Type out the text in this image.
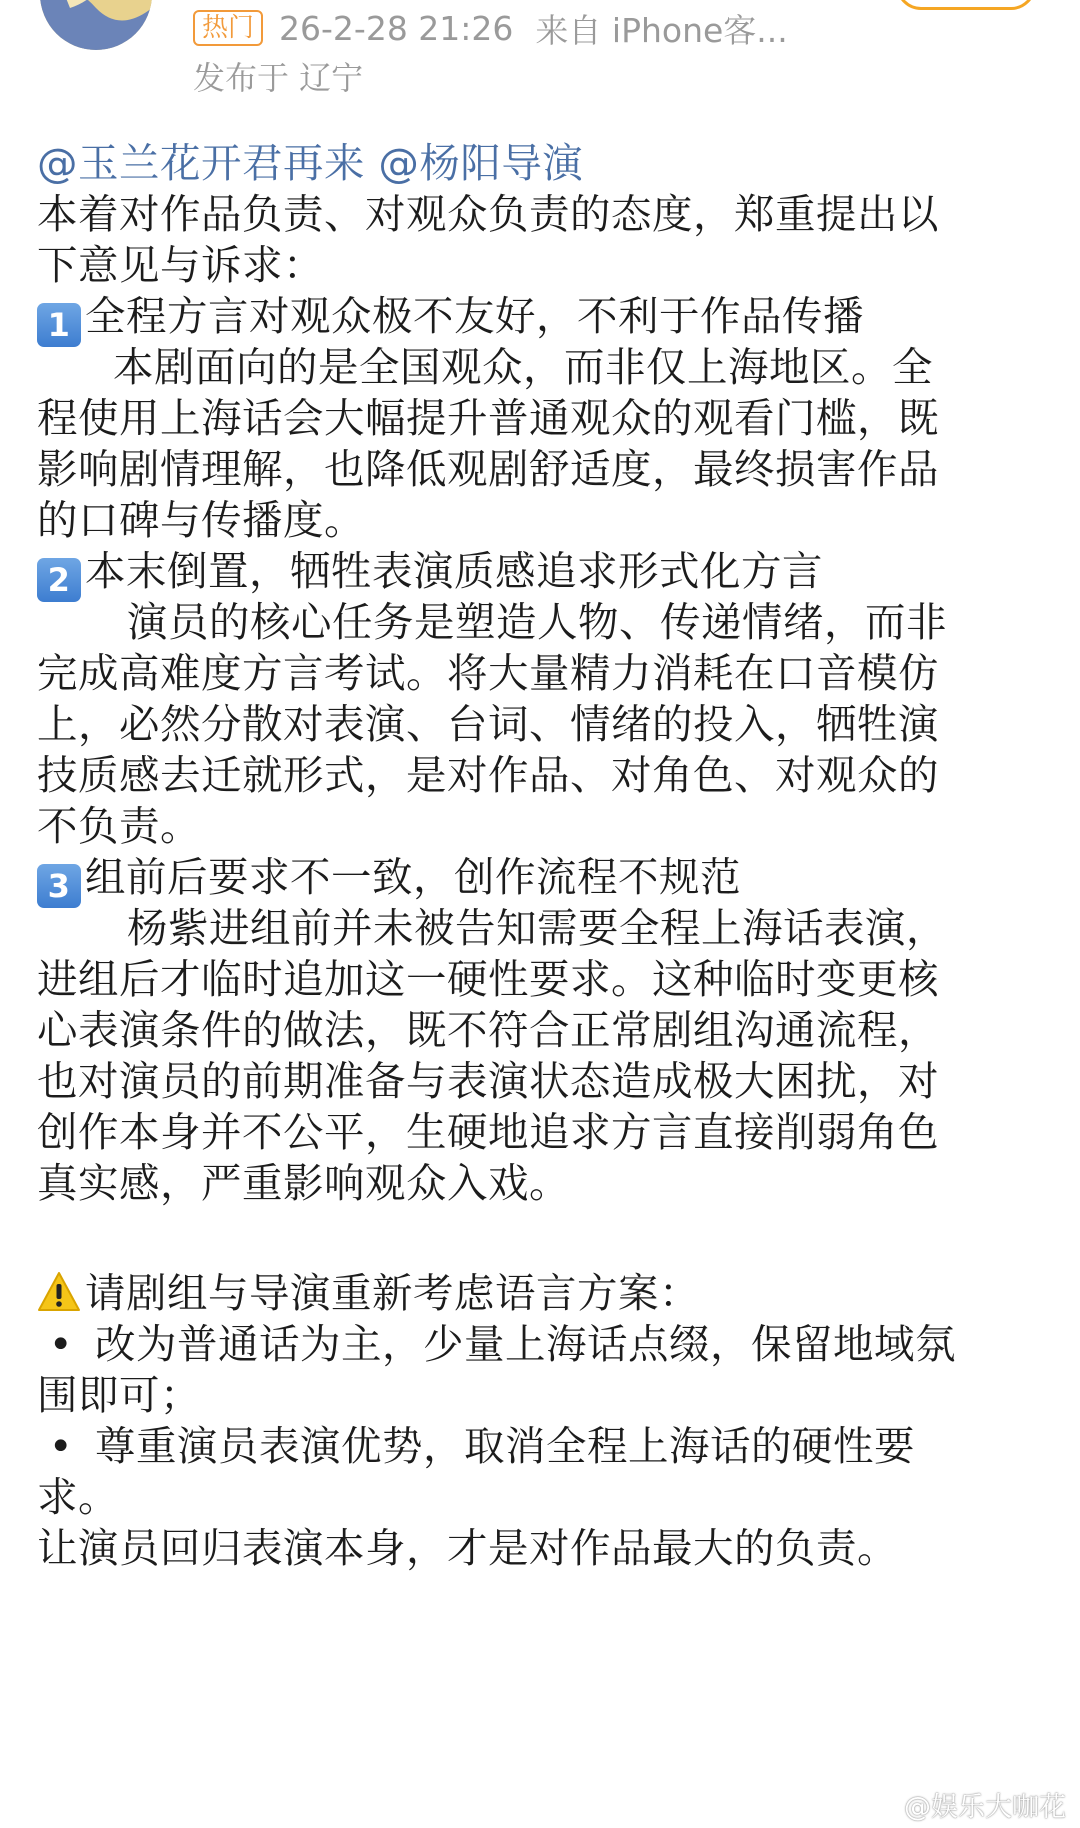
热门 26-2-28 21:26 来自 iPhone客...
发布于 辽宁
@玉兰花开君再来 @杨阳导演
本着对作品负责、对观众负责的态度，郑重提出以
下意见与诉求：
1 全程方言对观众极不友好，不利于作品传播
本剧面向的是全国观众，而非仅上海地区。全
程使用上海话会大幅提升普通观众的观看门槛，既
影响剧情理解，也降低观剧舒适度，最终损害作品
的口碑与传播度。
2 本末倒置，牺牲表演质感追求形式化方言
演员的核心任务是塑造人物、传递情绪，而非
完成高难度方言考试。将大量精力消耗在口音模仿
上，必然分散对表演、台词、情绪的投入，牺牲演
技质感去迁就形式，是对作品、对角色、对观众的
不负责。
3 组前后要求不一致，创作流程不规范
杨紫进组前并未被告知需要全程上海话表演，
进组后才临时追加这一硬性要求。这种临时变更核
心表演条件的做法，既不符合正常剧组沟通流程，
也对演员的前期准备与表演状态造成极大困扰，对
创作本身并不公平，生硬地追求方言直接削弱角色
真实感，严重影响观众入戏。
请剧组与导演重新考虑语言方案：
• 改为普通话为主，少量上海话点缀，保留地域氛
围即可；
• 尊重演员表演优势，取消全程上海话的硬性要
求。
让演员回归表演本身，才是对作品最大的负责。
@娱乐大咖花
